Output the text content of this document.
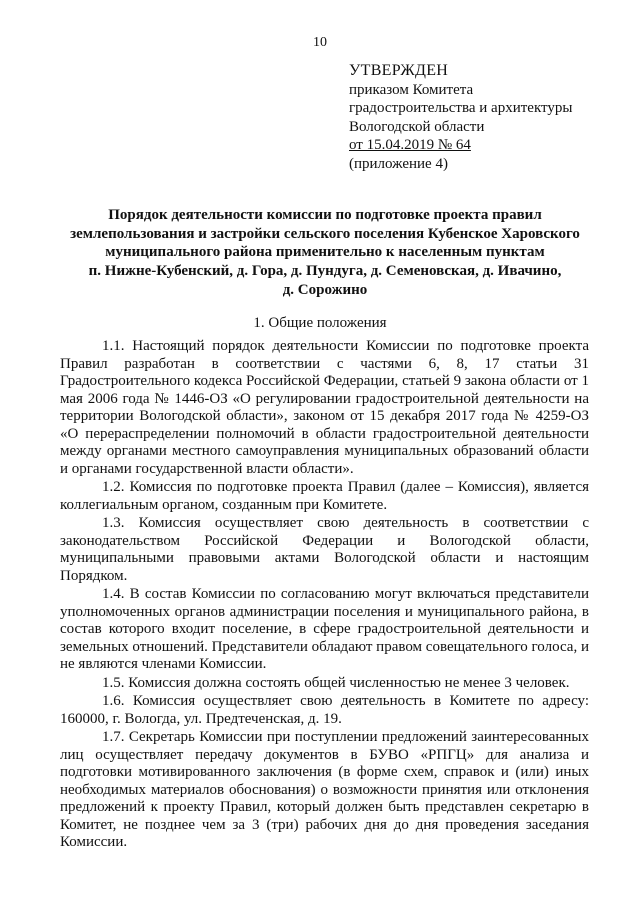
10
УТВЕРЖДЕН
приказом Комитета
градостроительства и архитектуры
Вологодской области
от 15.04.2019 № 64
(приложение 4)
Порядок деятельности комиссии по подготовке проекта правил
землепользования и застройки сельского поселения Кубенское Харовского
муниципального района применительно к населенным пунктам
п. Нижне-Кубенский, д. Гора, д. Пундуга, д. Семеновская, д. Ивачино,
д. Сорожино
1. Общие положения

1.1. Настоящий порядок деятельности Комиссии по подготовке проекта Правил разработан в соответствии с частями 6, 8, 17 статьи 31 Градостроительного кодекса Российской Федерации, статьей 9 закона области от 1 мая 2006 года № 1446-ОЗ «О регулировании градостроительной деятельности на территории Вологодской области», законом от 15 декабря 2017 года № 4259-ОЗ «О перераспределении полномочий в области градостроительной деятельности между органами местного самоуправления муниципальных образований области и органами государственной власти области».

1.2. Комиссия по подготовке проекта Правил (далее – Комиссия), является коллегиальным органом, созданным при Комитете.

1.3. Комиссия осуществляет свою деятельность в соответствии с законодательством Российской Федерации и Вологодской области, муниципальными правовыми актами Вологодской области и настоящим Порядком.

1.4. В состав Комиссии по согласованию могут включаться представители уполномоченных органов администрации поселения и муниципального района, в состав которого входит поселение, в сфере градостроительной деятельности и земельных отношений. Представители обладают правом совещательного голоса, и не являются членами Комиссии.

1.5. Комиссия должна состоять общей численностью не менее 3 человек.

1.6. Комиссия осуществляет свою деятельность в Комитете по адресу: 160000, г. Вологда, ул. Предтеченская, д. 19.

1.7. Секретарь Комиссии при поступлении предложений заинтересованных лиц осуществляет передачу документов в БУВО «РПГЦ» для анализа и подготовки мотивированного заключения (в форме схем, справок и (или) иных необходимых материалов обоснования) о возможности принятия или отклонения предложений к проекту Правил, который должен быть представлен секретарю в Комитет, не позднее чем за 3 (три) рабочих дня до дня проведения заседания Комиссии.
